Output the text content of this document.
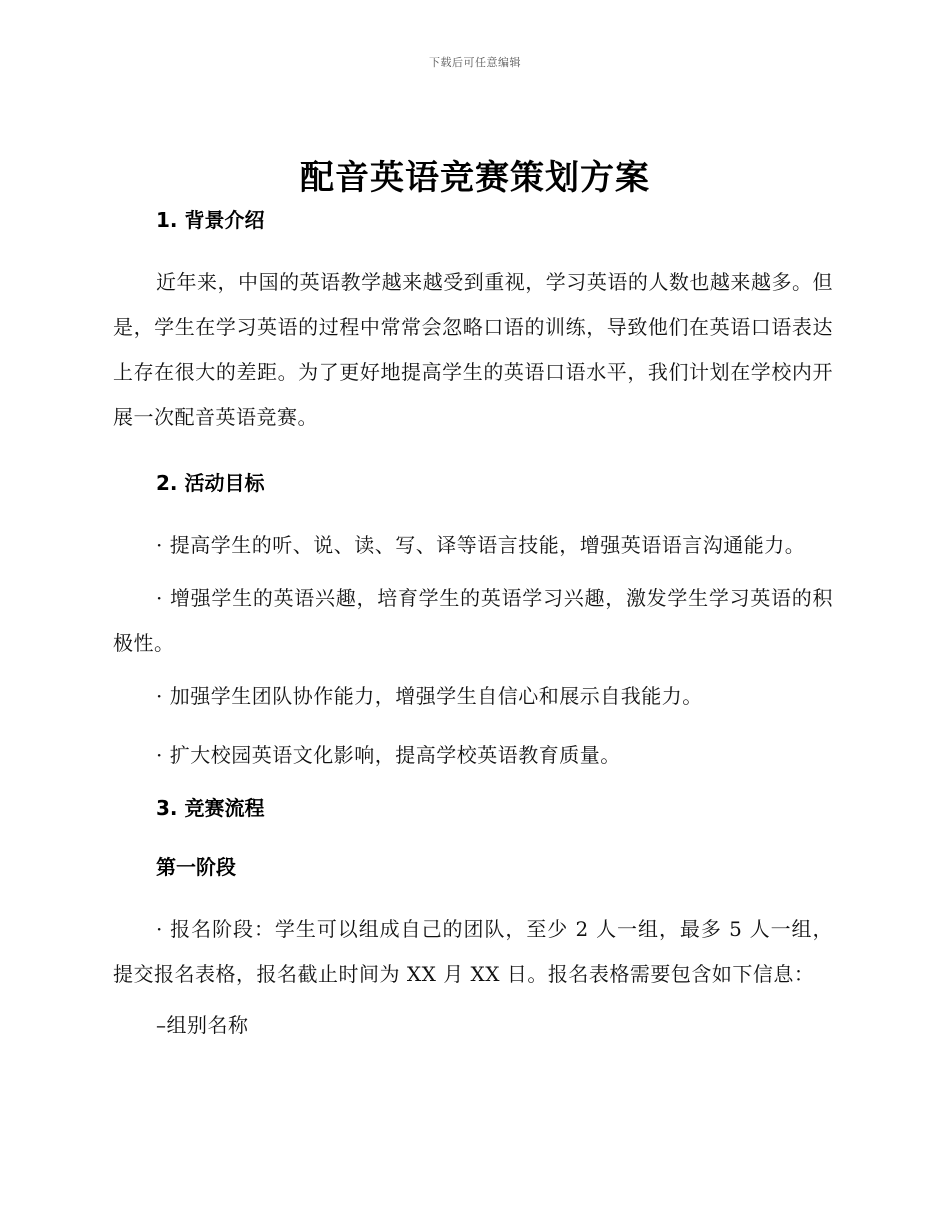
下载后可任意编辑
配音英语竞赛策划方案

1. 背景介绍

近年来，中国的英语教学越来越受到重视，学习英语的人数也越来越多。但是，学生在学习英语的过程中常常会忽略口语的训练，导致他们在英语口语表达上存在很大的差距。为了更好地提高学生的英语口语水平，我们计划在学校内开展一次配音英语竞赛。

2. 活动目标

· 提高学生的听、说、读、写、译等语言技能，增强英语语言沟通能力。

· 增强学生的英语兴趣，培育学生的英语学习兴趣，激发学生学习英语的积极性。

· 加强学生团队协作能力，增强学生自信心和展示自我能力。

· 扩大校园英语文化影响，提高学校英语教育质量。

3. 竞赛流程

第一阶段

· 报名阶段：学生可以组成自己的团队，至少 2 人一组，最多 5 人一组，提交报名表格，报名截止时间为 XX 月 XX 日。报名表格需要包含如下信息：

–组别名称
